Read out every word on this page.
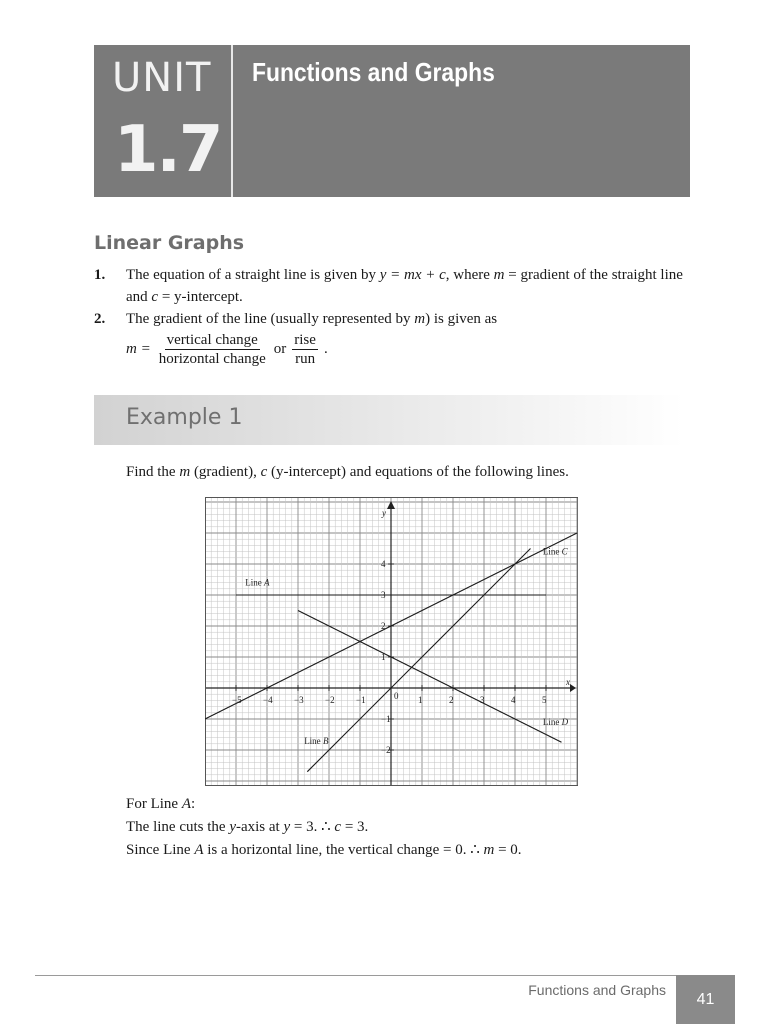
UNIT
1.7
Functions and Graphs
Linear Graphs
1. The equation of a straight line is given by y = mx + c, where m = gradient of the straight line and c = y-intercept.
2. The gradient of the line (usually represented by m) is given as
$m = \frac{\text{vertical change}}{\text{horizontal change}}$ or $\frac{\text{rise}}{\text{run}}$ .
Example 1
Find the m (gradient), c (y-intercept) and equations of the following lines.
x
y
−5 −4 −3 −2 −1	0 1	2	3	4	5
−2
−1
1
2
3
4
Line A
Line B
Line C
Line D
For Line A:
The line cuts the y-axis at y = 3. ∴ c = 3.
Since Line A is a horizontal line, the vertical change = 0. ∴ m = 0.
Functions and Graphs
41
